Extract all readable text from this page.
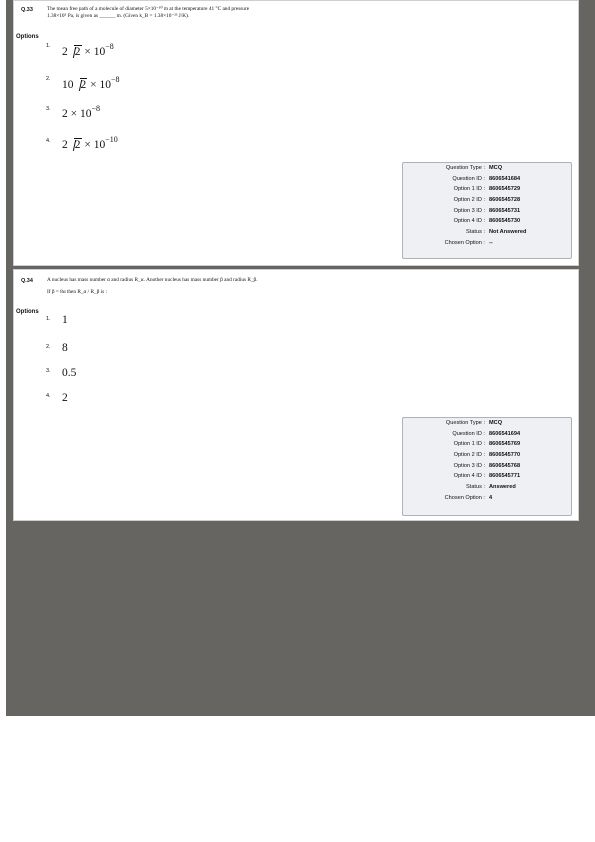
Q.33	The mean free path of a molecule of diameter 5×10⁻¹⁰ m at the temperature 41 °C and pressure
1.38×10⁵ Pa, is given as ______ m. (Given k_B = 1.38×10⁻²³ J/K).
Options
1. 2 $2 \times 10^{-8}$
2. 10 $2 \times 10^{-8}$
3. $2 \times 10^{-8}$
4. 2 $2 \times 10^{-10}$
Question Type : MCQ
Question ID : 8606541684
Option 1 ID : 8606545729
Option 2 ID : 8606545728
Option 3 ID : 8606545731
Option 4 ID : 8606545730
Status : Not Answered
Chosen Option : --
Q.34	A nucleus has mass number α and radius R_α. Another nucleus has mass number β and radius R_β.
If β = 8α then R_α / R_β is :
Options
1. 1
2. 8
3. 0.5
4. 2
Question Type : MCQ
Question ID : 8606541694
Option 1 ID : 8606545769
Option 2 ID : 8606545770
Option 3 ID : 8606545768
Option 4 ID : 8606545771
Status : Answered
Chosen Option : 4
